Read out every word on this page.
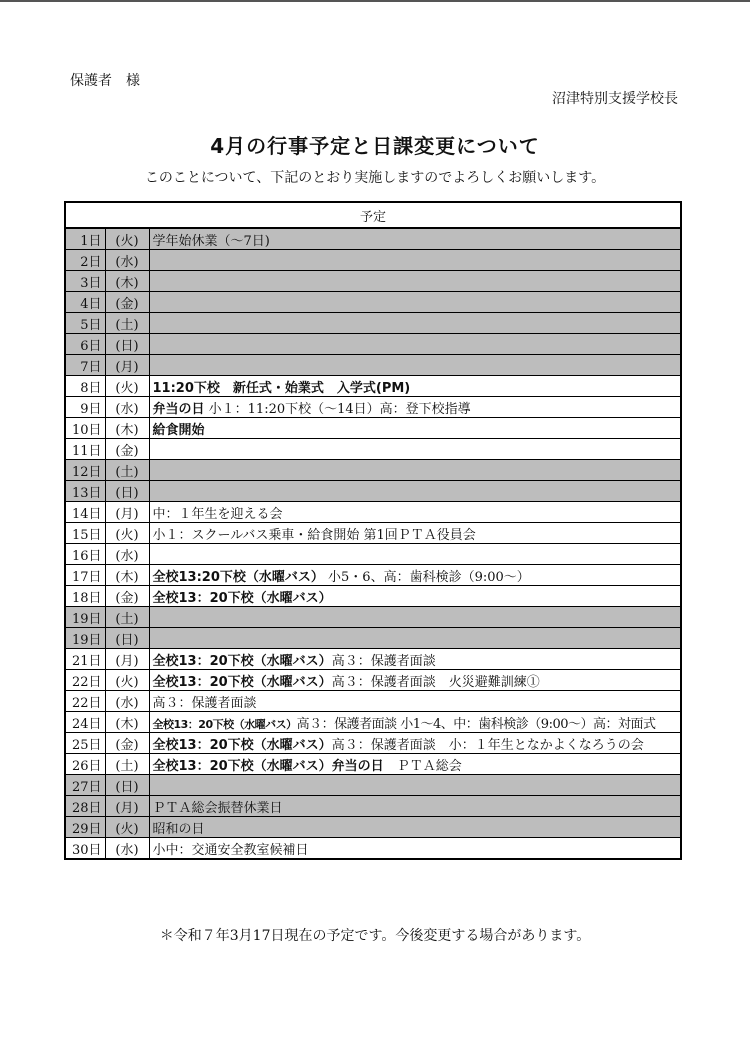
保護者　様
沼津特別支援学校長
4月の行事予定と日課変更について
このことについて、下記のとおり実施しますのでよろしくお願いします。
予定		
1日	(火)	学年始休業（〜7日)
2日	(水)	
3日	(木)	
4日	(金)	
5日	(土)	
6日	(日)	
7日	(月)	
8日	(火)	11:20下校　新任式・始業式　入学式(PM)
9日	(水)	弁当の日 小１：11:20下校（〜14日）高：登下校指導
10日	(木)	給食開始
11日	(金)	
12日	(土)	
13日	(日)	
14日	(月)	中：１年生を迎える会
15日	(火)	小１：スクールバス乗車・給食開始 第1回ＰＴＡ役員会
16日	(水)	
17日	(木)	全校13:20下校（水曜バス） 小5・6、高：歯科検診（9:00〜）
18日	(金)	全校13：20下校（水曜バス）
19日	(土)	
19日	(日)	
21日	(月)	全校13：20下校（水曜バス）高３：保護者面談
22日	(火)	全校13：20下校（水曜バス）高３：保護者面談　火災避難訓練①
22日	(水)	高３：保護者面談
24日	(木)	全校13：20下校（水曜バス）高３：保護者面談 小1〜4、中：歯科検診（9:00〜）高：対面式
25日	(金)	全校13：20下校（水曜バス）高３：保護者面談　小：１年生となかよくなろうの会
26日	(土)	全校13：20下校（水曜バス）弁当の日　ＰＴＡ総会
27日	(日)	
28日	(月)	ＰＴＡ総会振替休業日
29日	(火)	昭和の日
30日	(水)	小中：交通安全教室候補日
＊令和７年3月17日現在の予定です。今後変更する場合があります。
